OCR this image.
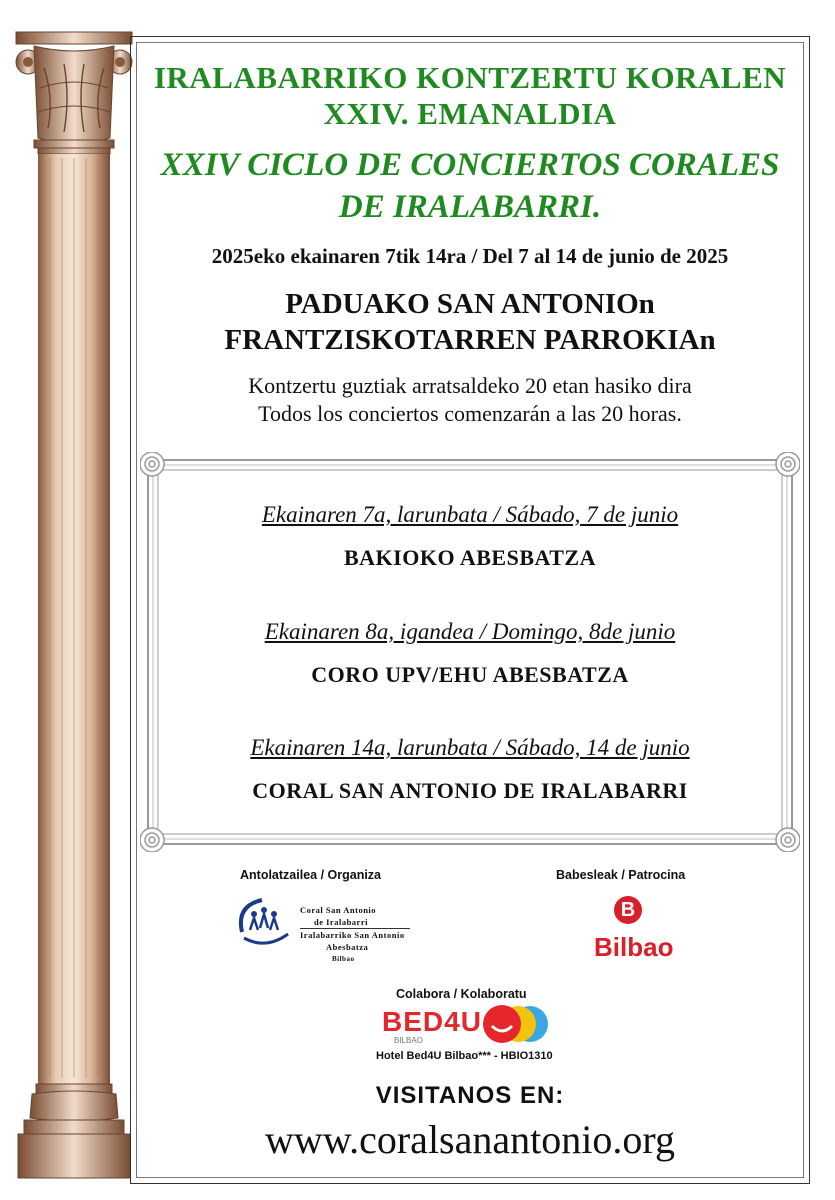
IRALABARRIKO KONTZERTU KORALEN
XXIV. EMANALDIA
XXIV CICLO DE CONCIERTOS CORALES
DE IRALABARRI.
2025eko ekainaren 7tik 14ra / Del 7 al 14 de junio de 2025
PADUAKO SAN ANTONIOn
FRANTZISKOTARREN PARROKIAn
Kontzertu guztiak arratsaldeko 20 etan hasiko dira
Todos los conciertos comenzarán a las 20 horas.
Ekainaren 7a, larunbata / Sábado, 7 de junio
BAKIOKO ABESBATZA
Ekainaren 8a, igandea / Domingo, 8de junio
CORO UPV/EHU ABESBATZA
Ekainaren 14a, larunbata / Sábado, 14 de junio
CORAL SAN ANTONIO DE IRALABARRI
Antolatzailea / Organiza
Coral San Antonio
de Iralabarri
Iralabarriko San Antonio
Abesbatza
Bilbao
Babesleak / Patrocina
B
Bilbao
Colabora / Kolaboratu
BED4U
BILBAO
Hotel Bed4U Bilbao*** - HBIO1310
VISITANOS EN:
www.coralsanantonio.org
